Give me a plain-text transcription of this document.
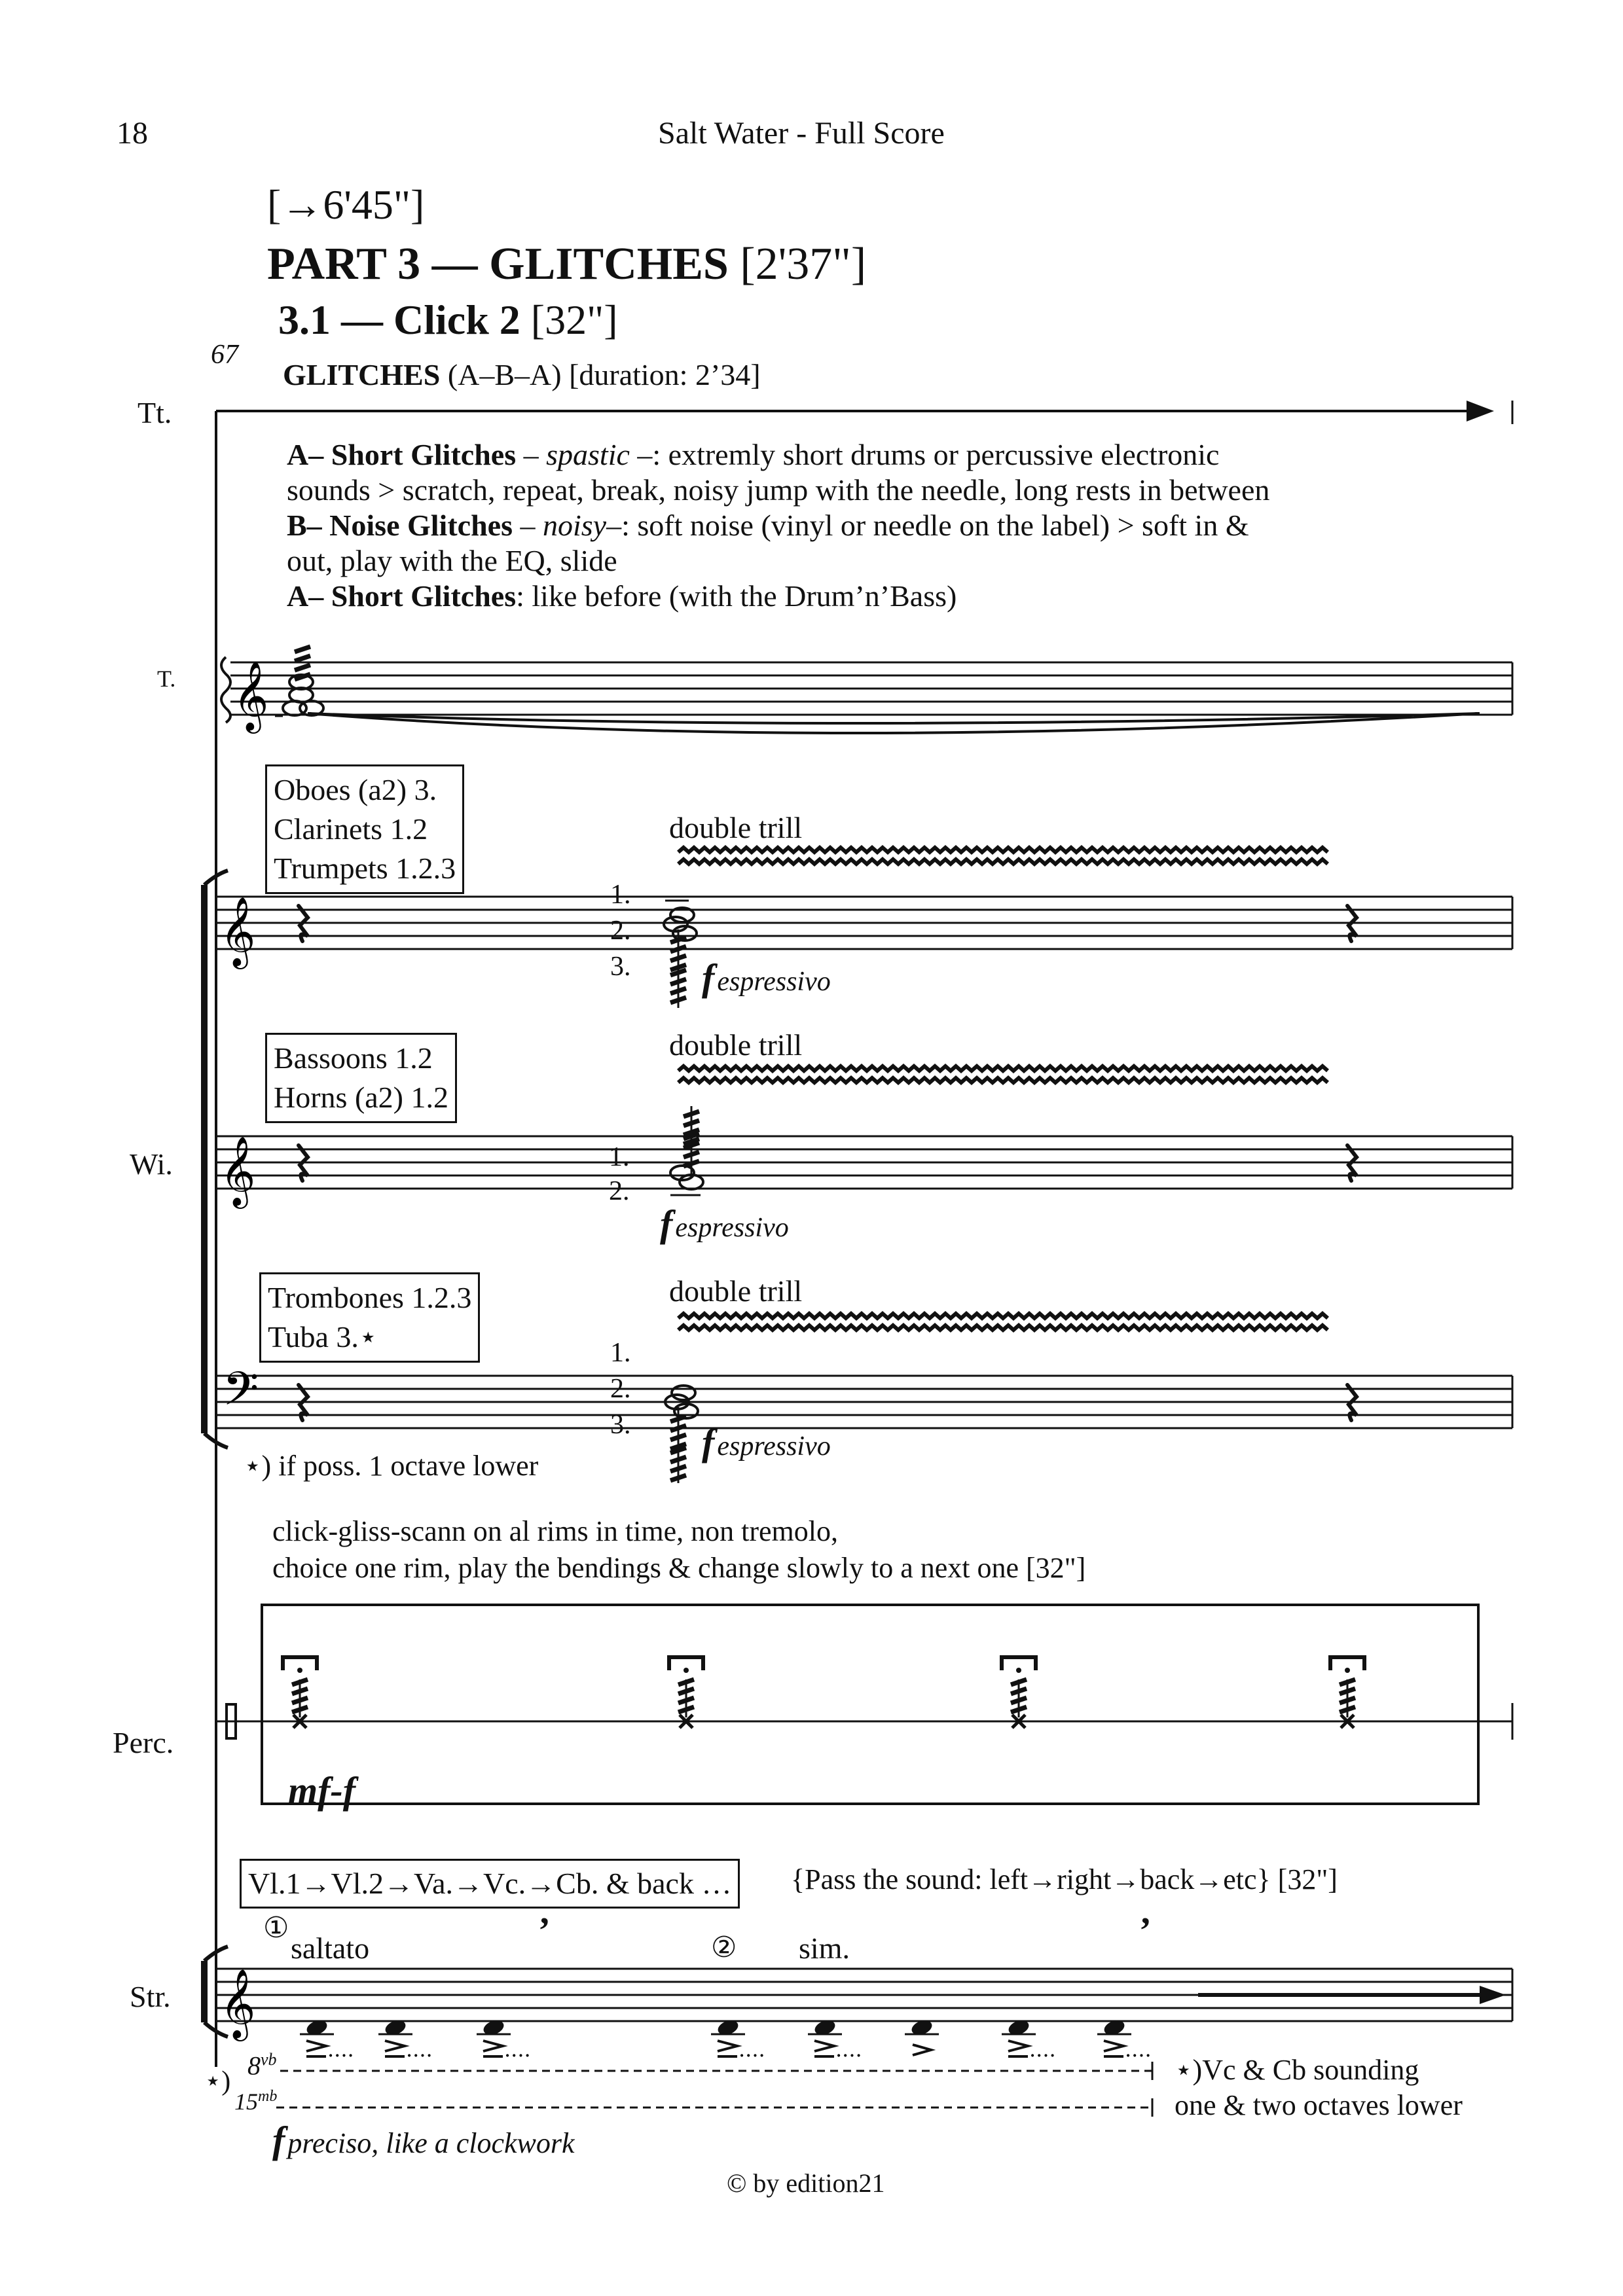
18	Salt Water - Full Score
[→6'45"]
PART 3 — GLITCHES [2'37"]
3.1 — Click 2 [32"]
67
GLITCHES (A–B–A) [duration: 2’34]
Tt.
T.
Wi.
Perc.
Str.
A– Short Glitches – spastic –: extremly short drums or percussive electronic
sounds > scratch, repeat, break, noisy jump with the needle, long rests in between
B– Noise Glitches – noisy–: soft noise (vinyl or needle on the label) > soft in &
out, play with the EQ, slide
A– Short Glitches: like before (with the Drum’n’Bass)
Oboes (a2) 3.
Clarinets 1.2
Trumpets 1.2.3
Bassoons 1.2
Horns (a2) 1.2
Trombones 1.2.3
Tuba 3.⋆
double trill
double trill
double trill
1.
2.
3.
1.
2.
1.
2.
3.
f espressivo
f espressivo
f espressivo
⋆) if poss. 1 octave lower
click-gliss-scann on al rims in time, non tremolo,
choice one rim, play the bendings & change slowly to a next one [32"]
mf-f
Vl.1→Vl.2→Va.→Vc.→Cb. & back … {Pass the sound: left→right→back→etc} [32"]
①
saltato	② sim.
’	’
⋆)
$8^{vb}$
$15^{mb}$
⋆)Vc & Cb sounding
one & two octaves lower
f preciso, like a clockwork
© by edition21
𝄞
𝄞
𝄞
𝄢
𝄞
.... ....	....	....	....	....	....
